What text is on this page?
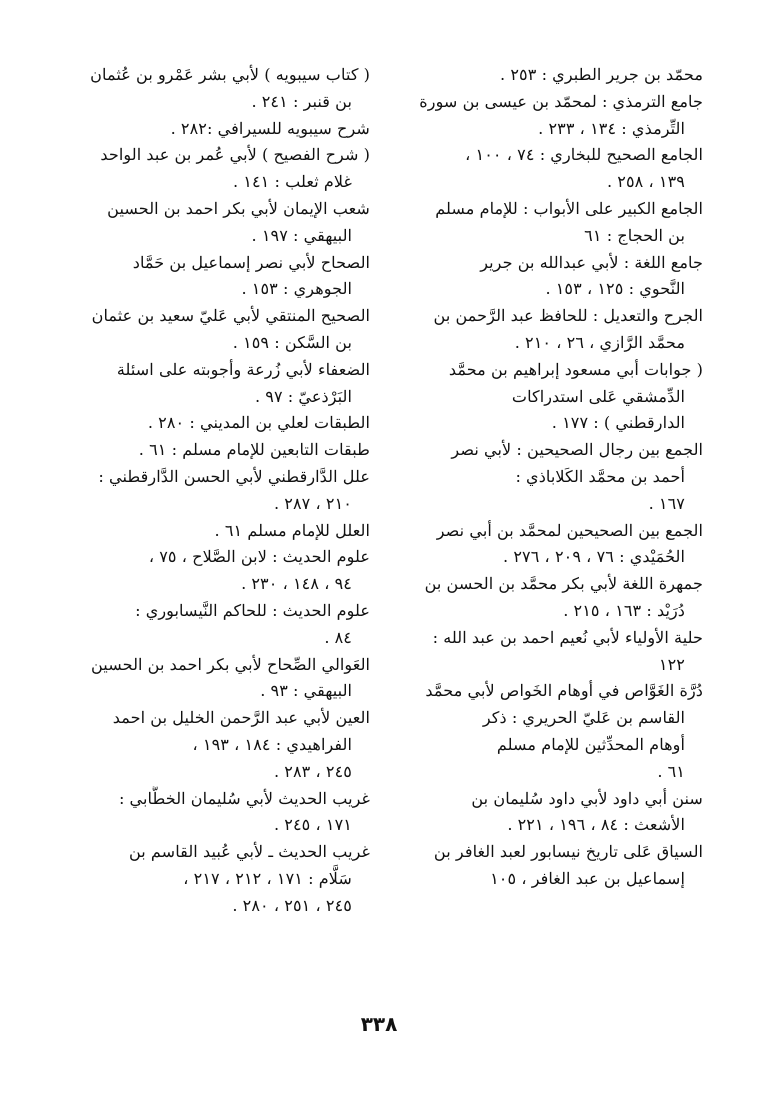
محمّد بن جرير الطبري : ٢٥٣ .

جامع الترمذي : لمحمّد بن عيسى بن سورة
التِّرمذي : ١٣٤ ، ٢٣٣ .

الجامع الصحيح للبخاري : ٧٤ ، ١٠٠ ،
١٣٩ ، ٢٥٨ .

الجامع الكبير على الأبواب : للإمام مسلم
بن الحجاج : ٦١

جامع اللغة : لأبي عبدالله بن جرير
النَّحوي : ١٢٥ ، ١٥٣ .

الجرح والتعديل : للحافظ عبد الرَّحمن بن
محمَّد الرَّازي ، ٢٦ ، ٢١٠ .

( جوابات أبي مسعود إبراهيم بن محمَّد
الدِّمشقي عَلى استدراكات
الدارقطني ) : ١٧٧ .

الجمع بين رجال الصحيحين : لأبي نصر
أحمد بن محمَّد الكَلاباذي :
١٦٧ .

الجمع بين الصحيحين لمحمَّد بن أبي نصر
الحُمَيْدي : ٧٦ ، ٢٠٩ ، ٢٧٦ .

جمهرة اللغة لأبي بكر محمَّد بن الحسن بن
دُرَيْد : ١٦٣ ، ٢١٥ .

حلية الأولياء لأبي نُعيم احمد بن عبد الله :
١٢٢

دُرَّة الغَوَّاص في أوهام الخَواص لأبي محمَّد
القاسم بن عَليّ الحريري : ذكر
أوهام المحدِّثين للإمام مسلم
٦١ .

سنن أبي داود لأبي داود سُليمان بن
الأشعث : ٨٤ ، ١٩٦ ، ٢٢١ .

السياق عَلى تاريخ نيسابور لعبد الغافر بن
إسماعيل بن عبد الغافر ، ١٠٥

( كتاب سيبويه ) لأبي بشر عَمْرو بن عُثمان
بن قنبر : ٢٤١ .

شرح سيبويه للسيرافي :٢٨٢ .

( شرح الفصيح ) لأبي عُمر بن عبد الواحد
غلام ثعلب : ١٤١ .

شعب الإيمان لأبي بكر احمد بن الحسين
البيهقي : ١٩٧ .

الصحاح لأبي نصر إسماعيل بن حَمَّاد
الجوهري : ١٥٣ .

الصحيح المنتقي لأبي عَليّ سعيد بن عثمان
بن السَّكن : ١٥٩ .

الضعفاء لأبي زُرعة وأجوبته على اسئلة
البَرْذعيّ : ٩٧ .

الطبقات لعلي بن المديني : ٢٨٠ .

طبقات التابعين للإمام مسلم : ٦١ .

علل الدَّارقطني لأبي الحسن الدَّارقطني :
٢١٠ ، ٢٨٧ .

العلل للإمام مسلم ٦١ .

علوم الحديث : لابن الصَّلاح ، ٧٥ ،
٩٤ ، ١٤٨ ، ٢٣٠ .

علوم الحديث : للحاكم النَّيسابوري :
٨٤ .

العَوالي الصِّحاح لأبي بكر احمد بن الحسين
البيهقي : ٩٣ .

العين لأبي عبد الرَّحمن الخليل بن احمد
الفراهيدي : ١٨٤ ، ١٩٣ ،
٢٤٥ ، ٢٨٣ .

غريب الحديث لأبي سُليمان الخطَّابي :
١٧١ ، ٢٤٥ .

غريب الحديث ـ لأبي عُبيد القاسم بن
سَلَّام : ١٧١ ، ٢١٢ ، ٢١٧ ،
٢٤٥ ، ٢٥١ ، ٢٨٠ .

٣٣٨
